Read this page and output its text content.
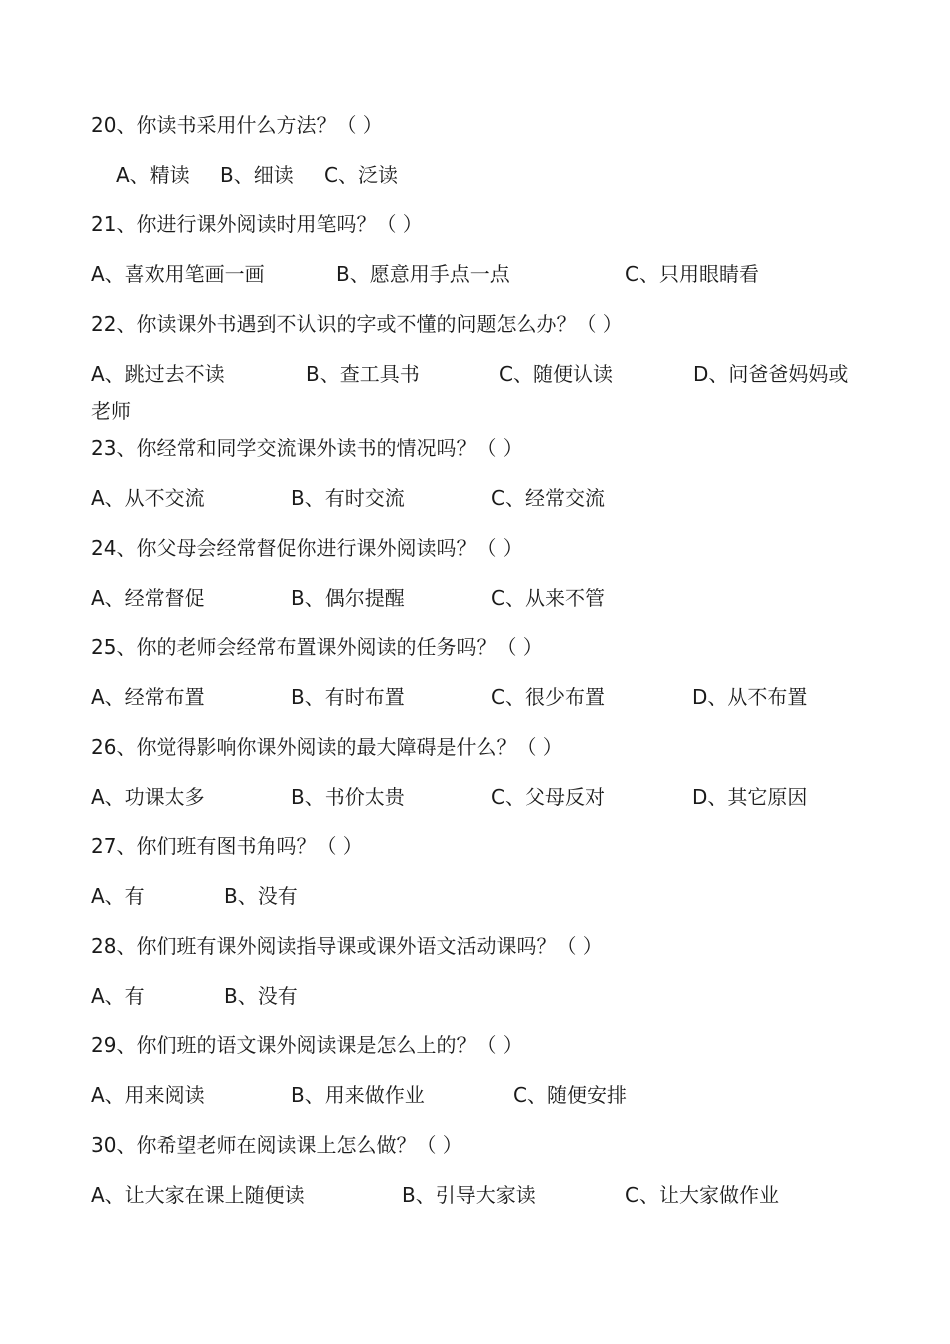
20、你读书采用什么方法？（ ）
A、精读 B、细读 C、泛读
21、你进行课外阅读时用笔吗？（ ）
A、喜欢用笔画一画	B、愿意用手点一点	C、只用眼睛看
22、你读课外书遇到不认识的字或不懂的问题怎么办？（ ）
A、跳过去不读	B、查工具书	C、随便认读	D、问爸爸妈妈或
老师
23、你经常和同学交流课外读书的情况吗？（ ）
A、从不交流	B、有时交流	C、经常交流
24、你父母会经常督促你进行课外阅读吗？（ ）
A、经常督促	B、偶尔提醒	C、从来不管
25、你的老师会经常布置课外阅读的任务吗？（ ）
A、经常布置	B、有时布置	C、很少布置	D、从不布置
26、你觉得影响你课外阅读的最大障碍是什么？（ ）
A、功课太多	B、书价太贵	C、父母反对	D、其它原因
27、你们班有图书角吗？（ ）
A、有	B、没有
28、你们班有课外阅读指导课或课外语文活动课吗？（ ）
A、有	B、没有
29、你们班的语文课外阅读课是怎么上的？（ ）
A、用来阅读	B、用来做作业	C、随便安排
30、你希望老师在阅读课上怎么做？（ ）
A、让大家在课上随便读	B、引导大家读	C、让大家做作业
